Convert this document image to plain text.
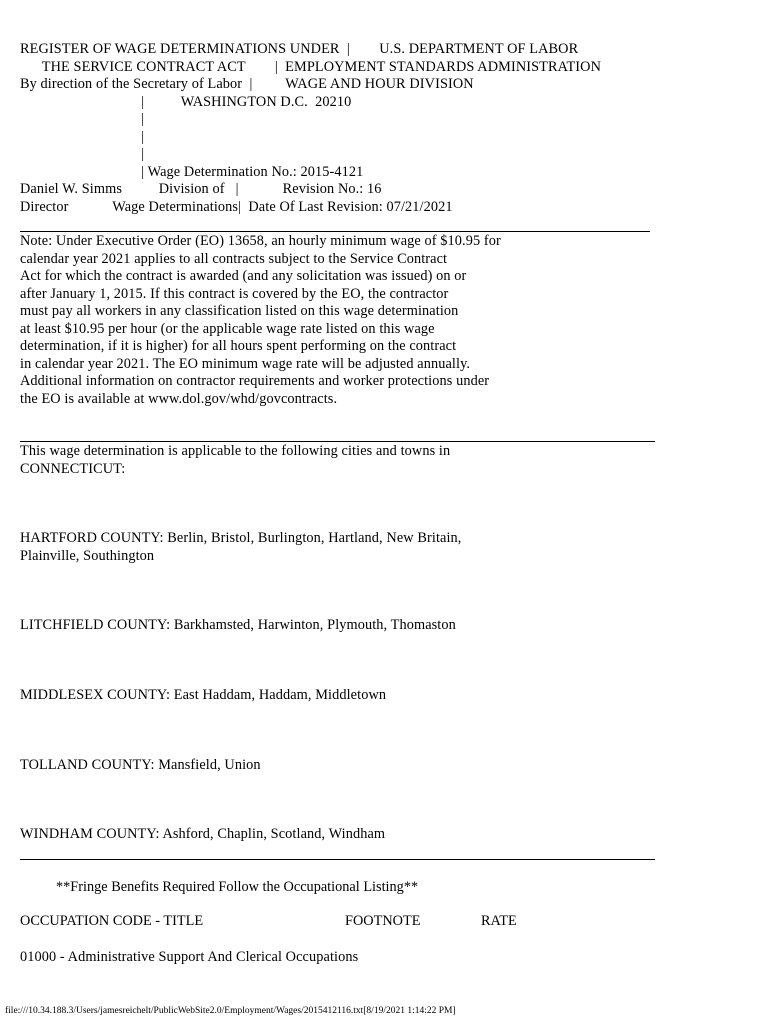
REGISTER OF WAGE DETERMINATIONS UNDER  |        U.S. DEPARTMENT OF LABOR
THE SERVICE CONTRACT ACT        |  EMPLOYMENT STANDARDS ADMINISTRATION
By direction of the Secretary of Labor  |         WAGE AND HOUR DIVISION
|          WASHINGTON D.C.  20210
|
|
|
| Wage Determination No.: 2015-4121
Daniel W. Simms          Division of   |            Revision No.: 16
Director            Wage Determinations|  Date Of Last Revision: 07/21/2021
Note: Under Executive Order (EO) 13658, an hourly minimum wage of $10.95 for
calendar year 2021 applies to all contracts subject to the Service Contract
Act for which the contract is awarded (and any solicitation was issued) on or
after January 1, 2015. If this contract is covered by the EO, the contractor
must pay all workers in any classification listed on this wage determination
at least $10.95 per hour (or the applicable wage rate listed on this wage
determination, if it is higher) for all hours spent performing on the contract
in calendar year 2021. The EO minimum wage rate will be adjusted annually.
Additional information on contractor requirements and worker protections under
the EO is available at www.dol.gov/whd/govcontracts.
This wage determination is applicable to the following cities and towns in
CONNECTICUT:
HARTFORD COUNTY: Berlin, Bristol, Burlington, Hartland, New Britain,
Plainville, Southington
LITCHFIELD COUNTY: Barkhamsted, Harwinton, Plymouth, Thomaston
MIDDLESEX COUNTY: East Haddam, Haddam, Middletown
TOLLAND COUNTY: Mansfield, Union
WINDHAM COUNTY: Ashford, Chaplin, Scotland, Windham
**Fringe Benefits Required Follow the Occupational Listing**
OCCUPATION CODE - TITLE	FOOTNOTE	RATE
01000 - Administrative Support And Clerical Occupations
file:///10.34.188.3/Users/jamesreichelt/PublicWebSite2.0/Employment/Wages/2015412116.txt[8/19/2021 1:14:22 PM]
